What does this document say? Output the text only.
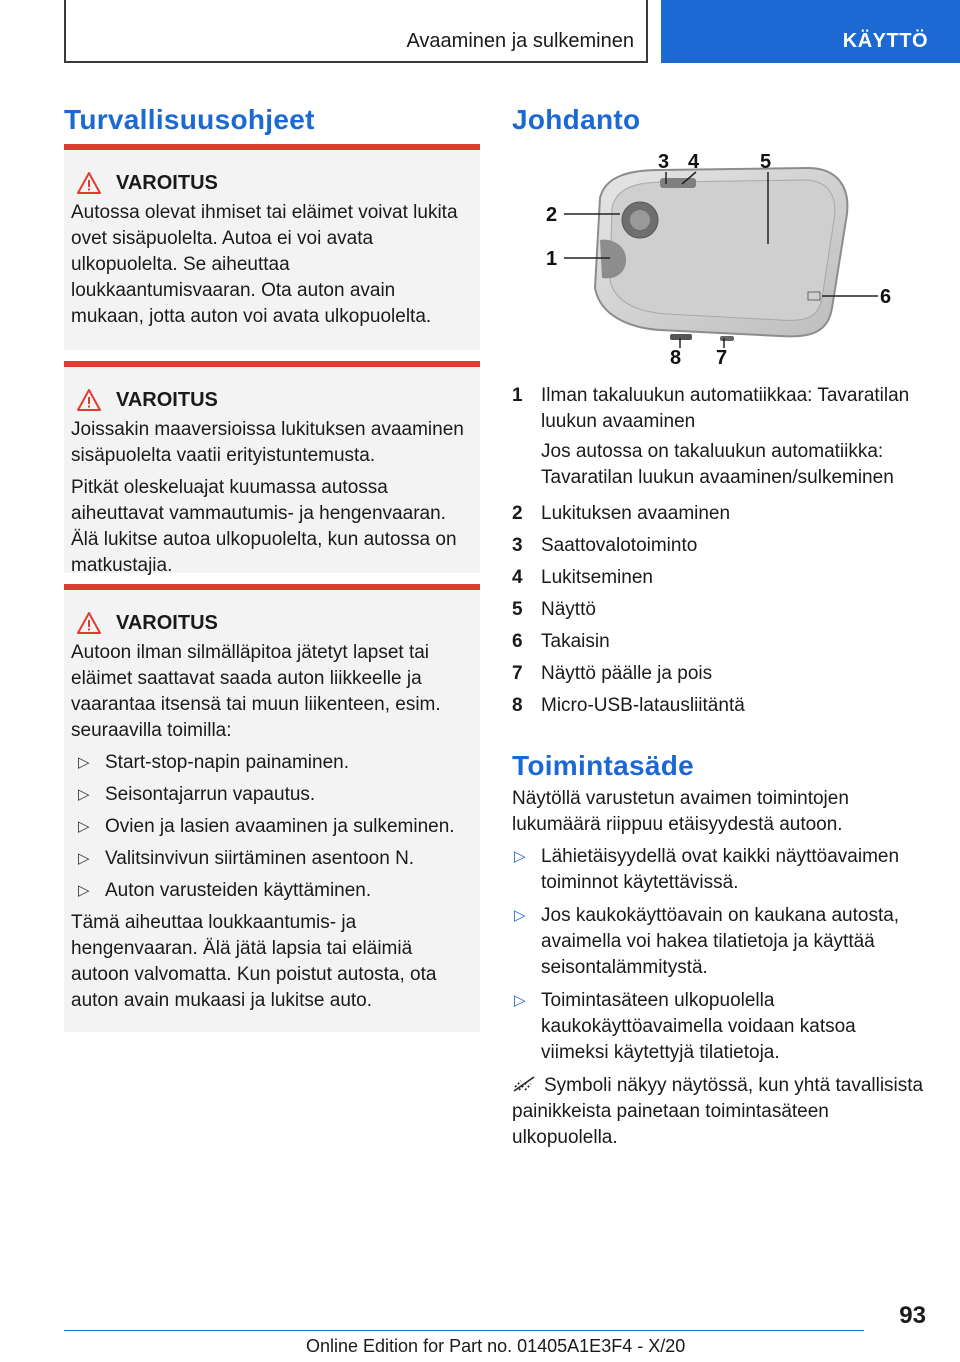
Avaaminen ja sulkeminen	KÄYTTÖ
Turvallisuusohjeet
VAROITUS

Autossa olevat ihmiset tai eläimet voivat lukita ovet sisäpuolelta. Autoa ei voi avata ulkopuolelta. Se aiheuttaa loukkaantumisvaaran. Ota auton avain mukaan, jotta auton voi avata ulkopuolelta.

VAROITUS

Joissakin maaversioissa lukituksen avaaminen sisäpuolelta vaatii erityistuntemusta.

Pitkät oleskeluajat kuumassa autossa aiheuttavat vammautumis- ja hengenvaaran. Älä lukitse autoa ulkopuolelta, kun autossa on matkustajia.

VAROITUS

Autoon ilman silmälläpitoa jätetyt lapset tai eläimet saattavat saada auton liikkeelle ja vaarantaa itsensä tai muun liikenteen, esim. seuraavilla toimilla:

▷ Start-stop-napin painaminen.
▷ Seisontajarrun vapautus.
▷ Ovien ja lasien avaaminen ja sulkeminen.
▷ Valitsinvivun siirtäminen asentoon N.
▷ Auton varusteiden käyttäminen.

Tämä aiheuttaa loukkaantumis- ja hengenvaaran. Älä jätä lapsia tai eläimiä autoon valvomatta. Kun poistut autosta, ota auton avain mukaasi ja lukitse auto.

Johdanto
1
2
3 4	5
6
7
8
1 Ilman takaluukun automatiikkaa: Tavaratilan luukun avaaminen

Jos autossa on takaluukun automatiikka: Tavaratilan luukun avaaminen/sulkeminen

2 Lukituksen avaaminen
3 Saattovalotoiminto
4 Lukitseminen
5 Näyttö
6 Takaisin
7 Näyttö päälle ja pois
8 Micro-USB-latausliitäntä
Toimintasäde

Näytöllä varustetun avaimen toimintojen lukumäärä riippuu etäisyydestä autoon.

▷ Lähietäisyydellä ovat kaikki näyttöavaimen toiminnot käytettävissä.
▷ Jos kaukokäyttöavain on kaukana autosta, avaimella voi hakea tilatietoja ja käyttää seisontalämmitystä.
▷ Toimintasäteen ulkopuolella kaukokäyttöavaimella voidaan katsoa viimeksi käytettyjä tilatietoja.

Symboli näkyy näytössä, kun yhtä tavallisista painikkeista painetaan toimintasäteen ulkopuolella.

93
Online Edition for Part no. 01405A1E3F4 - X/20
